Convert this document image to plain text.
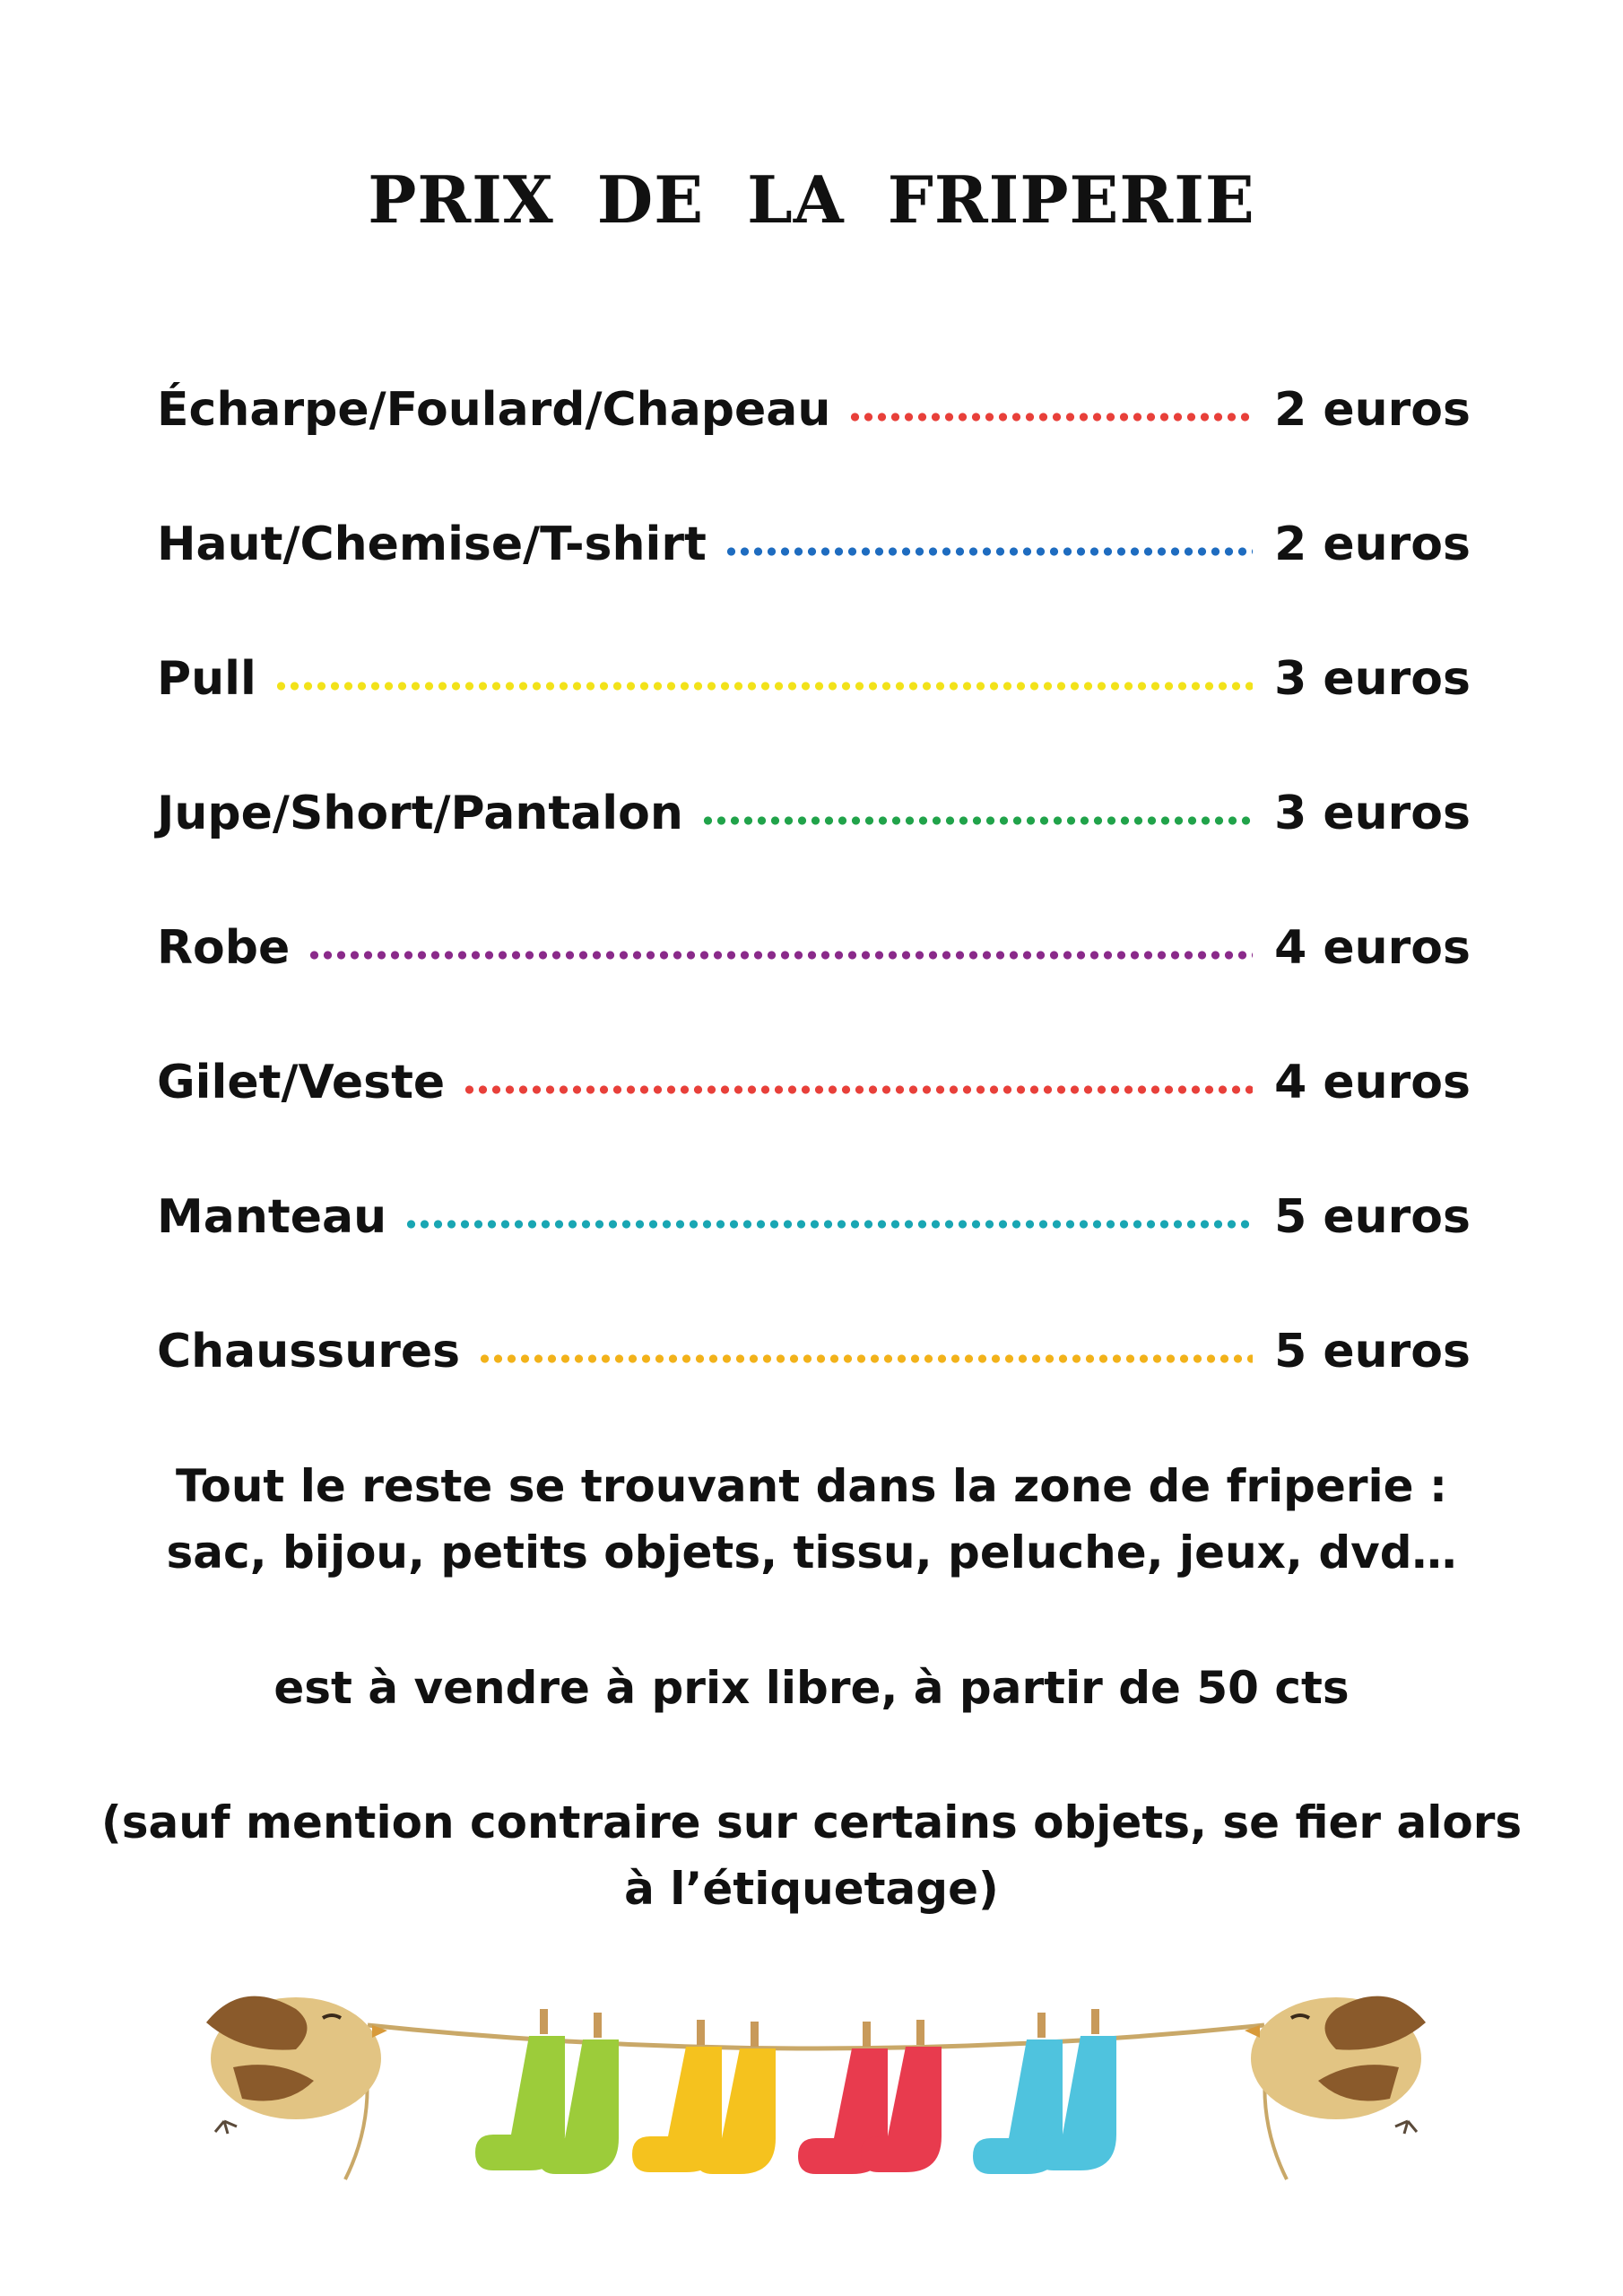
PRIX DE LA FRIPERIE
Écharpe/Foulard/Chapeau	2 euros
Haut/Chemise/T-shirt	2 euros
Pull	3 euros
Jupe/Short/Pantalon	3 euros
Robe	4 euros
Gilet/Veste	4 euros
Manteau	5 euros
Chaussures	5 euros

Tout le reste se trouvant dans la zone de friperie :
sac, bijou, petits objets, tissu, peluche, jeux, dvd…

est à vendre à prix libre, à partir de 50 cts

(sauf mention contraire sur certains objets, se fier alors
à l’étiquetage)
